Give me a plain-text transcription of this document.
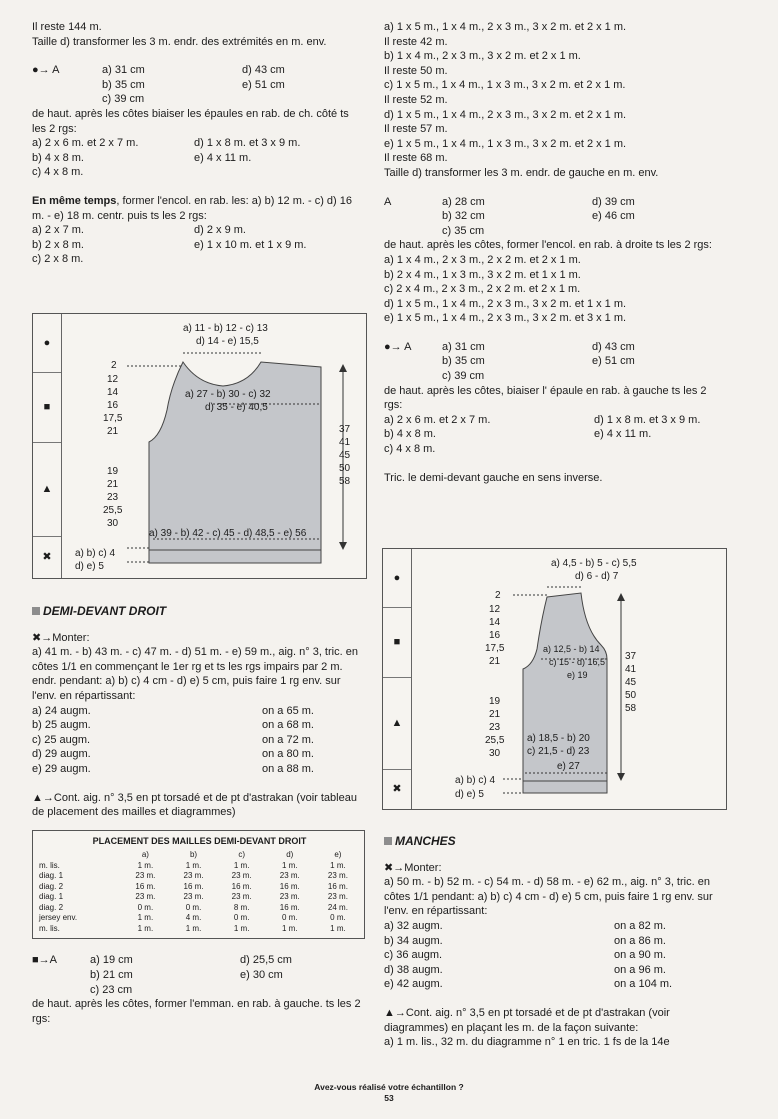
Il reste 144 m.
Taille d) transformer les 3 m. endr. des extrémités en m. env.
●→ A	a) 31 cm	d) 43 cm
b) 35 cm	e) 51 cm
c) 39 cm
de haut. après les côtes biaiser les épaules en rab. de ch. côté ts les 2 rgs:
a) 2 x 6 m. et 2 x 7 m.	d) 1 x 8 m. et 3 x 9 m.
b) 4 x 8 m.	e) 4 x 11 m.
c) 4 x 8 m.
En même temps, former l'encol. en rab. les: a) b) 12 m. - c) d) 16 m. - e) 18 m. centr. puis ts les 2 rgs:
a) 2 x 7 m.	d) 2 x 9 m.
b) 2 x 8 m.	e) 1 x 10 m. et 1 x 9 m.
c) 2 x 8 m.
●
■
▲
✖
a) 11 - b) 12 - c) 13
d) 14 - e) 15,5
2
12
14
16
17,5
21
19
21
23
25,5
30
a) 27 - b) 30 - c) 32
d) 35 - e) 40,5
37
41
45
50
58
a) 39 - b) 42 - c) 45 - d) 48,5 - e) 56
a) b) c) 4
d) e) 5
DEMI-DEVANT DROIT
✖→Monter:
a) 41 m. - b) 43 m. - c) 47 m. - d) 51 m. - e) 59 m., aig. n° 3, tric. en côtes 1/1 en commençant le 1er rg et ts les rgs impairs par 2 m. endr. pendant: a) b) c) 4 cm - d) e) 5 cm, puis faire 1 rg env. sur l'env. en répartissant:
a) 24 augm.	on a 65 m.
b) 25 augm.	on a 68 m.
c) 25 augm.	on a 72 m.
d) 29 augm.	on a 80 m.
e) 29 augm.	on a 88 m.
▲→Cont. aig. n° 3,5 en pt torsadé et de pt d'astrakan (voir tableau de placement des mailles et diagrammes)
PLACEMENT DES MAILLES DEMI-DEVANT DROIT
	a)	b)	c)	d)	e)
m. lis.	1 m.	1 m.	1 m.	1 m.	1 m.
diag. 1	23 m.	23 m.	23 m.	23 m.	23 m.
diag. 2	16 m.	16 m.	16 m.	16 m.	16 m.
diag. 1	23 m.	23 m.	23 m.	23 m.	23 m.
diag. 2	0 m.	0 m.	8 m.	16 m.	24 m.
jersey env.	1 m.	4 m.	0 m.	0 m.	0 m.
m. lis.	1 m.	1 m.	1 m.	1 m.	1 m.
■→A	a) 19 cm	d) 25,5 cm
b) 21 cm	e) 30 cm
c) 23 cm
de haut. après les côtes, former l'emman. en rab. à gauche. ts les 2 rgs:
a) 1 x 5 m., 1 x 4 m., 2 x 3 m., 3 x 2 m. et 2 x 1 m.
Il reste 42 m.
b) 1 x 4 m., 2 x 3 m., 3 x 2 m. et 2 x 1 m.
Il reste 50 m.
c) 1 x 5 m., 1 x 4 m., 1 x 3 m., 3 x 2 m. et 2 x 1 m.
Il reste 52 m.
d) 1 x 5 m., 1 x 4 m., 2 x 3 m., 3 x 2 m. et 2 x 1 m.
Il reste 57 m.
e) 1 x 5 m., 1 x 4 m., 1 x 3 m., 3 x 2 m. et 2 x 1 m.
Il reste 68 m.
Taille d) transformer les 3 m. endr. de gauche en m. env.
A	a) 28 cm	d) 39 cm
b) 32 cm	e) 46 cm
c) 35 cm
de haut. après les côtes, former l'encol. en rab. à droite ts les 2 rgs:
a) 1 x 4 m., 2 x 3 m., 2 x 2 m. et 2 x 1 m.
b) 2 x 4 m., 1 x 3 m., 3 x 2 m. et 1 x 1 m.
c) 2 x 4 m., 2 x 3 m., 2 x 2 m. et 2 x 1 m.
d) 1 x 5 m., 1 x 4 m., 2 x 3 m., 3 x 2 m. et 1 x 1 m.
e) 1 x 5 m., 1 x 4 m., 2 x 3 m., 3 x 2 m. et 3 x 1 m.
●→ A	a) 31 cm	d) 43 cm
b) 35 cm	e) 51 cm
c) 39 cm
de haut. après les côtes, biaiser l' épaule en rab. à gauche ts les 2 rgs:
a) 2 x 6 m. et 2 x 7 m.	d) 1 x 8 m. et 3 x 9 m.
b) 4 x 8 m.	e) 4 x 11 m.
c) 4 x 8 m.
Tric. le demi-devant gauche en sens inverse.
●
■
▲
✖
a) 4,5 - b) 5 - c) 5,5
d) 6 - d) 7
2
12
14
16
17,5
21
19
21
23
25,5
30
a) 12,5 - b) 14
c) 15 - d) 16,5
e) 19
37
41
45
50
58
a) 18,5 - b) 20
c) 21,5 - d) 23
e) 27
a) b) c) 4
d) e) 5
MANCHES
✖→Monter:
a) 50 m. - b) 52 m. - c) 54 m. - d) 58 m. - e) 62 m., aig. n° 3, tric. en côtes 1/1 pendant: a) b) c) 4 cm - d) e) 5 cm, puis faire 1 rg env. sur l'env. en répartissant:
a) 32 augm.	on a 82 m.
b) 34 augm.	on a 86 m.
c) 36 augm.	on a 90 m.
d) 38 augm.	on a 96 m.
e) 42 augm.	on a 104 m.
▲→Cont. aig. n° 3,5 en pt torsadé et de pt d'astrakan (voir diagrammes) en plaçant les m. de la façon suivante:
a) 1 m. lis., 32 m. du diagramme n° 1 en tric. 1 fs de la 14e
Avez-vous réalisé votre échantillon ?
53
